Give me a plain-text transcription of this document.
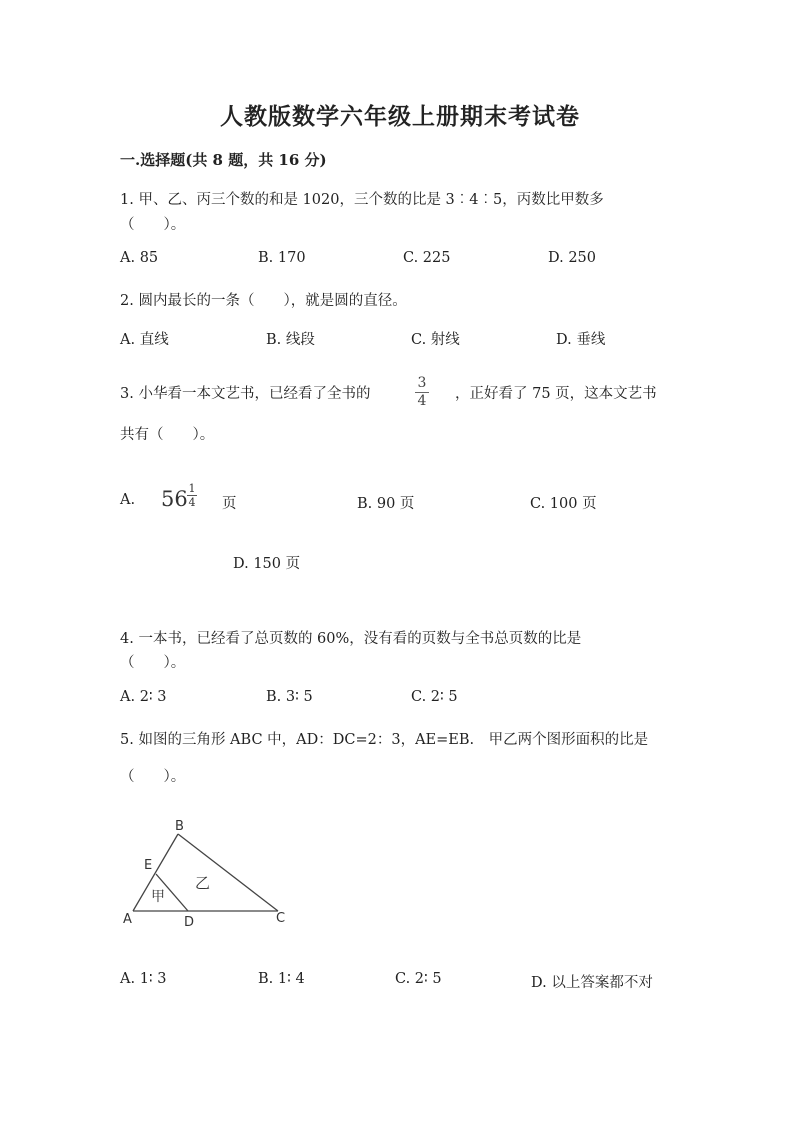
人教版数学六年级上册期末考试卷
一.选择题(共 8 题，共 16 分)
1. 甲、乙、丙三个数的和是 1020，三个数的比是 3︰4︰5，丙数比甲数多
（　　）。
A. 85	B. 170	C. 225	D. 250
2. 圆内最长的一条（　　），就是圆的直径。
A. 直线	B. 线段	C. 射线	D. 垂线
3. 小华看一本文艺书，已经看了全书的
3
4 ，正好看了 75 页，这本文艺书
共有（　　）。
A. 56 1
4 页	B. 90 页	C. 100 页
D. 150 页
4. 一本书，已经看了总页数的 60%，没有看的页数与全书总页数的比是
（　　）。
A. 2∶ 3	B. 3∶ 5	C. 2∶ 5
5. 如图的三角形 ABC 中，AD：DC=2：3，AE=EB.　甲乙两个图形面积的比是
（　　）。
B
E
A	D	C
甲
乙
A. 1∶ 3	B. 1∶ 4	C. 2∶ 5	D. 以上答案都不对
